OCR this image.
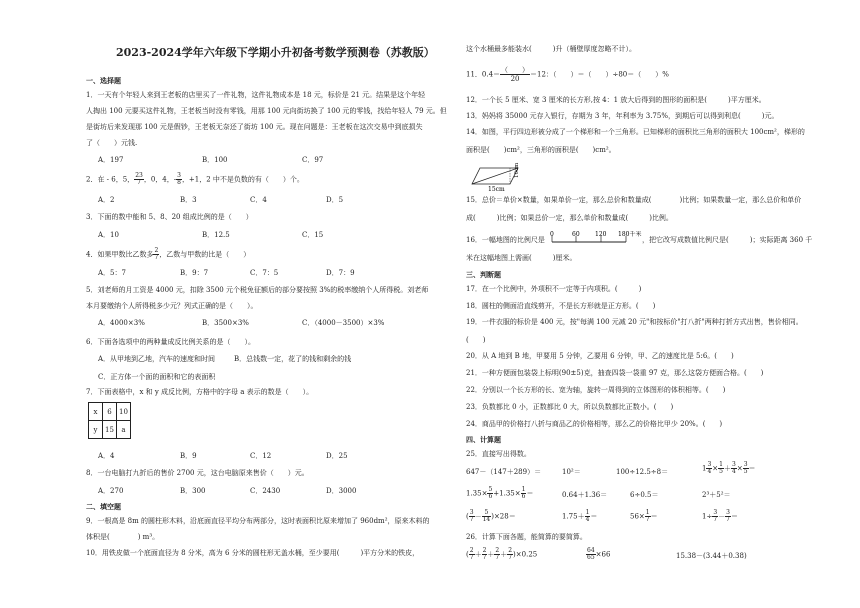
2023-2024学年六年级下学期小升初备考数学预测卷（苏教版）
一、选择题
1．一天有个年轻人来到王老板的店里买了一件礼物，这件礼物成本是 18 元，标价是 21 元。结果是这个年轻
人掏出 100 元要买这件礼物，王老板当时没有零钱，用那 100 元向街坊换了 100 元的零钱，找给年轻人 79 元。但
是街坊后来发现那 100 元是假钞，王老板无奈还了街坊 100 元。现在问题是：王老板在这次交易中到底损失
了（　　）元钱.
A．197	B．100	C．97
2．在 - 6，5， $\frac{23}{7}$ ，0，4，- $\frac{3}{8}$ ，+1，2 中不是负数的有（　　）个。
A．2	B．3	C．4	D．5
3．下面的数中能和 5、8、20 组成比例的是（　　）
A．10	B．12.5	C．15
4．如果甲数比乙数多 $\frac{2}{7}$ ，乙数与甲数的比是（　　）
A．5：7	B．9：7	C．7：5	D．7：9
5．刘老师的月工资是 4000 元，扣除 3500 元个税免征额后的部分要按照 3%的税率缴纳个人所得税。刘老师
本月要缴纳个人所得税多少元？列式正确的是（　　）。
A．4000×3%	B．3500×3%	C．（4000－3500）×3%
6．下面各选项中的两种量成反比例关系的是（　　）。
A．从甲地到乙地，汽车的速度和时间	B．总钱数一定，花了的钱和剩余的钱
C．正方体一个面的面积和它的表面积
7．下面表格中，x 和 y 成反比例，方格中的字母 a 表示的数是（　　）。
x	6	10
y	15	a
A．4	B．9	C．12	D．25
8．一台电脑打九折后的售价 2700 元，这台电脑原来售价（　　）元。
A．270	B．300	C．2430	D．3000
二、填空题
9．一根高是 8m 的圆柱形木料，沿底面直径平均分布两部分，这时表面积比原来增加了 960dm²，原来木料的
体积是(　　　　) m³。
10．用铁皮做一个底面直径为 8 分米，高为 6 分米的圆柱形无盖水桶，至少要用(　　　)平方分米的铁皮，
这个水桶最多能装水(　　　)升（桶壁厚度忽略不计）。
11．$0.4= \frac{( )}{20} =12$：（　　）＝（　　）÷80＝（　　）%
12．一个长 5 厘米、宽 3 厘米的长方形,按 4：1 放大后得到的图形的面积是(　　　)平方厘米。
13．妈妈将 35000 元存入银行，存期为 3 年，年利率为 3.75%，到期后可以得到利息(　　　)元。
14．如图，平行四边形被分成了一个梯形和一个三角形。已知梯形的面积比三角形的面积大 100cm²，梯形的
面积是(　　)cm²，三角形的面积是(　　)cm²。
15cm
10cm
15．总价＝单价×数量，如果单价一定，那么总价和数量成(　　　　)比例；如果数量一定，那么总价和单价
成(　　　)比例；如果总价一定，那么单价和数量成(　　　)比例。
16．一幅地图的比例尺是
0	60	120 180千米
，把它改写成数值比例尺是(　　　)；实际距离 360 千
米在这幅地图上需画(　　　)厘米。
三、判断题
17．在一个比例中，外项积不一定等于内项积。(　　　)
18．圆柱的侧面沿直线剪开，不是长方形就是正方形。(　　)
19．一件衣服的标价是 400 元，按"每满 100 元减 20 元"和按标价"打八折"两种打折方式出售，售价相同。
(　　)
20．从 A 地到 B 地，甲要用 5 分钟，乙要用 6 分钟，甲、乙的速度比是 5:6。(　　)
21．一种方便面包装袋上标明(90±5)克，抽查四袋一袋重 97 克，那么这袋方便面合格。(　　)
22．分别以一个长方形的长、宽为轴，旋转一周得到的立体图形的体积相等。(　　)
23．负数都比 0 小，正数都比 0 大，所以负数都比正数小。(　　)
24．商品甲的价格打八折与商品乙的价格相等，那么乙的价格比甲少 20%。(　　)
四、计算题
25．直接写出得数。
647－（147＋289）＝	10²＝	100÷12.5÷8＝	$1 \frac{3}{4} \times \frac{1}{5} + \frac{3}{4} \times \frac{3}{5}$ ＝
$1.35\times \frac{5}{6} +1.35\times \frac{1}{6}$ ＝	0.64＋1.36＝	6÷0.5＝	2³＋5²＝
( $\frac{3}{7} - \frac{5}{14} )\times 28=$	$1.75+ \frac{1}{4}$ ＝	$56\times \frac{1}{7}$ ＝	$1\div \frac{3}{7} - \frac{3}{7}$ ＝
26．计算下面各题，能简算的要简算。
( $\frac{2}{7} + \frac{2}{7} + \frac{2}{7} + \frac{2}{7} )\times 0.25$	$\frac{64}{65} \times 66$	15.38－(3.44＋0.38)
